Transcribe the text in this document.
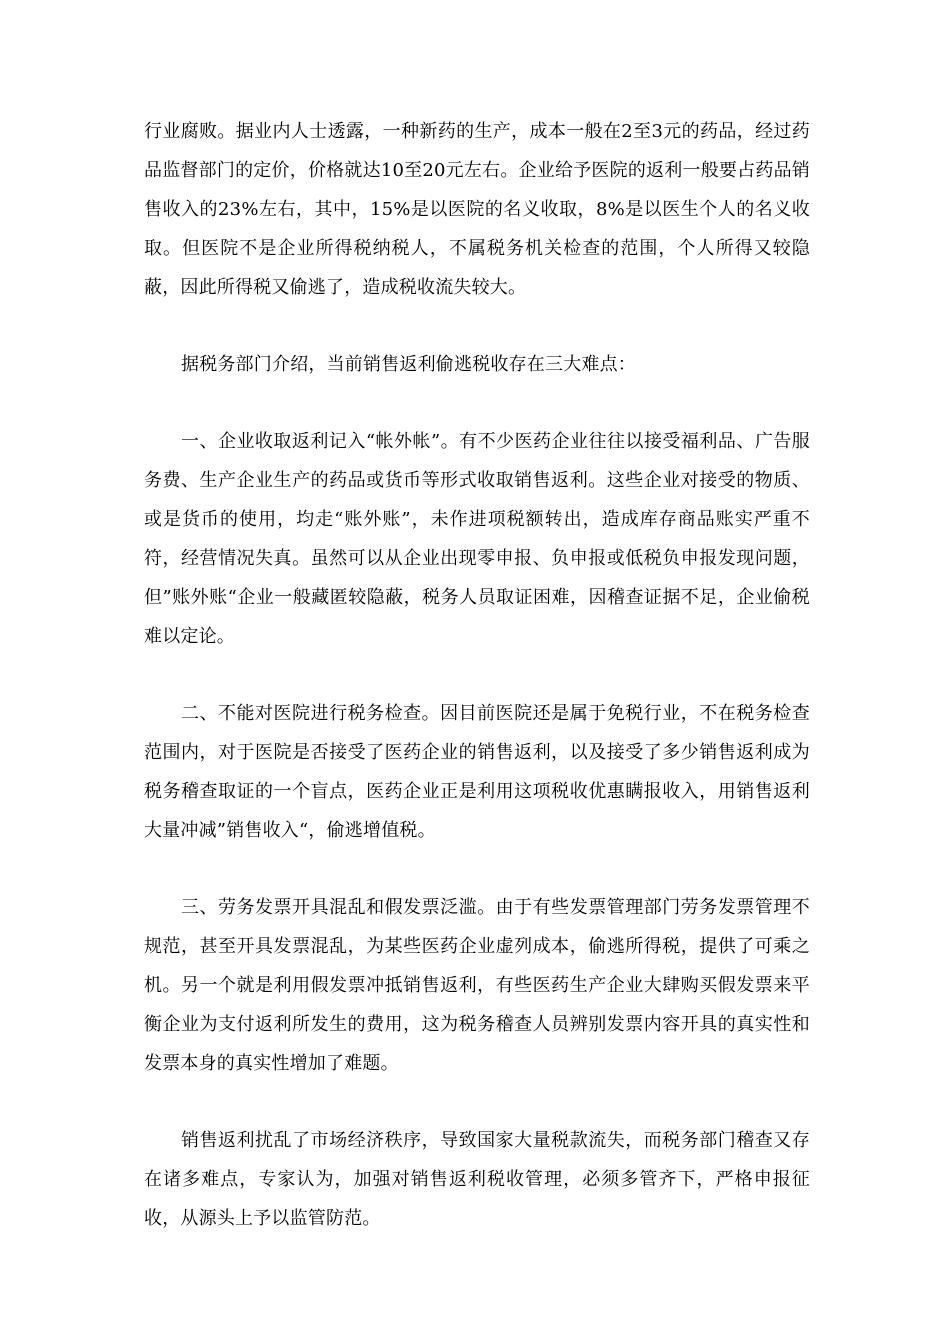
行业腐败。据业内人士透露，一种新药的生产，成本一般在2至3元的药品，经过药品监督部门的定价，价格就达10至20元左右。企业给予医院的返利一般要占药品销售收入的23%左右，其中，15%是以医院的名义收取，8%是以医生个人的名义收取。但医院不是企业所得税纳税人，不属税务机关检查的范围，个人所得又较隐蔽，因此所得税又偷逃了，造成税收流失较大。

据税务部门介绍，当前销售返利偷逃税收存在三大难点：

一、企业收取返利记入“帐外帐”。有不少医药企业往往以接受福利品、广告服务费、生产企业生产的药品或货币等形式收取销售返利。这些企业对接受的物质、或是货币的使用，均走“账外账”，未作进项税额转出，造成库存商品账实严重不符，经营情况失真。虽然可以从企业出现零申报、负申报或低税负申报发现问题，但”账外账“企业一般藏匿较隐蔽，税务人员取证困难，因稽查证据不足，企业偷税难以定论。

二、不能对医院进行税务检查。因目前医院还是属于免税行业，不在税务检查范围内，对于医院是否接受了医药企业的销售返利，以及接受了多少销售返利成为税务稽查取证的一个盲点，医药企业正是利用这项税收优惠瞒报收入，用销售返利大量冲减”销售收入“，偷逃增值税。

三、劳务发票开具混乱和假发票泛滥。由于有些发票管理部门劳务发票管理不规范，甚至开具发票混乱，为某些医药企业虚列成本，偷逃所得税，提供了可乘之机。另一个就是利用假发票冲抵销售返利，有些医药生产企业大肆购买假发票来平衡企业为支付返利所发生的费用，这为税务稽查人员辨别发票内容开具的真实性和发票本身的真实性增加了难题。

销售返利扰乱了市场经济秩序，导致国家大量税款流失，而税务部门稽查又存在诸多难点，专家认为，加强对销售返利税收管理，必须多管齐下，严格申报征收，从源头上予以监管防范。
